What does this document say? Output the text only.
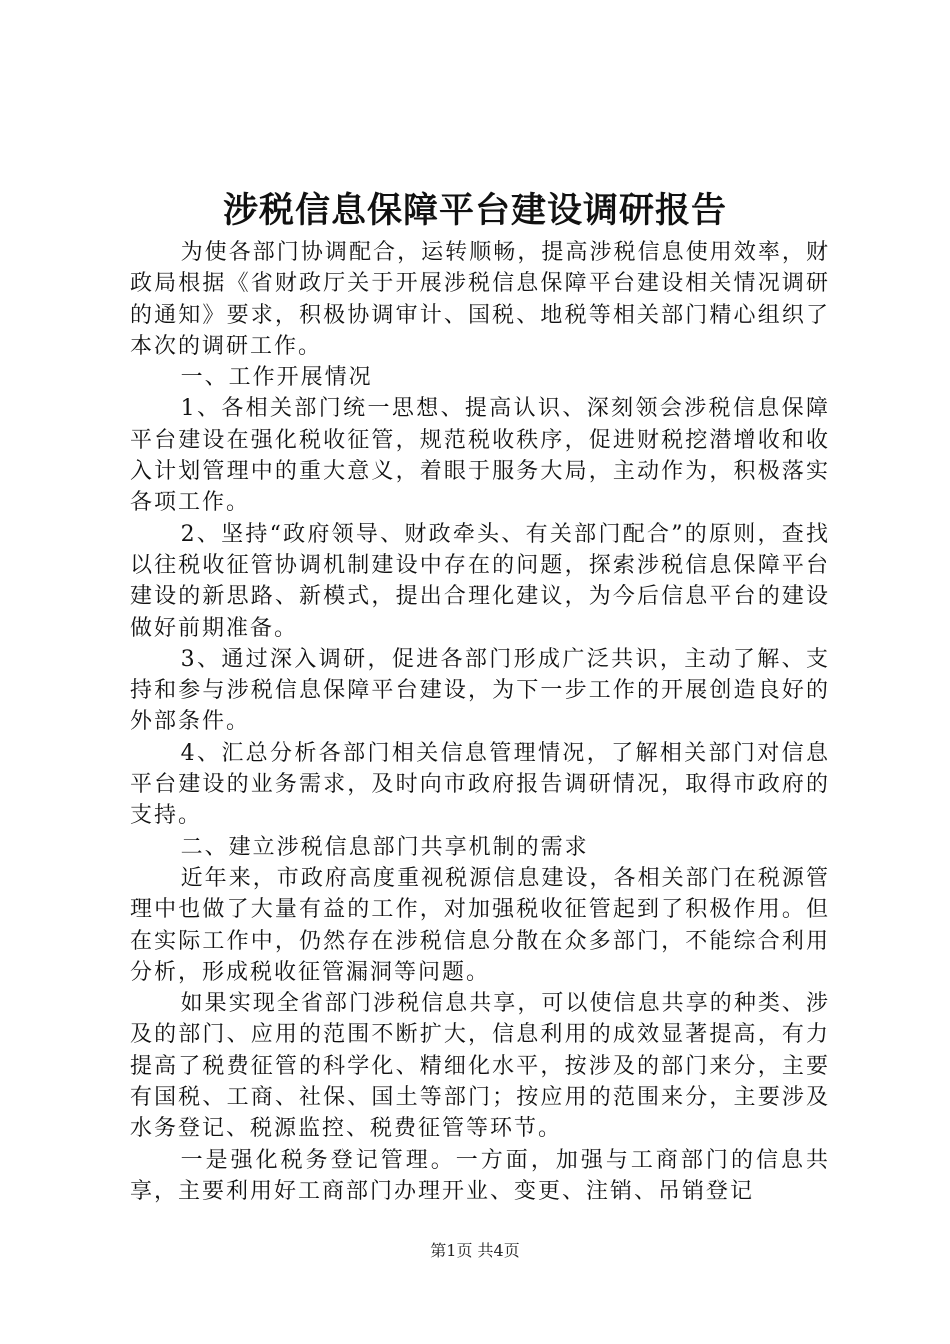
涉税信息保障平台建设调研报告

为使各部门协调配合，运转顺畅，提高涉税信息使用效率，财政局根据《省财政厅关于开展涉税信息保障平台建设相关情况调研的通知》要求，积极协调审计、国税、地税等相关部门精心组织了本次的调研工作。

一、工作开展情况

1、各相关部门统一思想、提高认识、深刻领会涉税信息保障平台建设在强化税收征管，规范税收秩序，促进财税挖潜增收和收入计划管理中的重大意义，着眼于服务大局，主动作为，积极落实各项工作。

2、坚持“政府领导、财政牵头、有关部门配合”的原则，查找以往税收征管协调机制建设中存在的问题，探索涉税信息保障平台建设的新思路、新模式，提出合理化建议，为今后信息平台的建设做好前期准备。

3、通过深入调研，促进各部门形成广泛共识，主动了解、支持和参与涉税信息保障平台建设，为下一步工作的开展创造良好的外部条件。

4、汇总分析各部门相关信息管理情况，了解相关部门对信息平台建设的业务需求，及时向市政府报告调研情况，取得市政府的支持。

二、建立涉税信息部门共享机制的需求

近年来，市政府高度重视税源信息建设，各相关部门在税源管理中也做了大量有益的工作，对加强税收征管起到了积极作用。但在实际工作中，仍然存在涉税信息分散在众多部门，不能综合利用分析，形成税收征管漏洞等问题。

如果实现全省部门涉税信息共享，可以使信息共享的种类、涉及的部门、应用的范围不断扩大，信息利用的成效显著提高，有力提高了税费征管的科学化、精细化水平，按涉及的部门来分，主要有国税、工商、社保、国土等部门；按应用的范围来分，主要涉及水务登记、税源监控、税费征管等环节。

一是强化税务登记管理。一方面，加强与工商部门的信息共享，主要利用好工商部门办理开业、变更、注销、吊销登记

第1页 共4页
